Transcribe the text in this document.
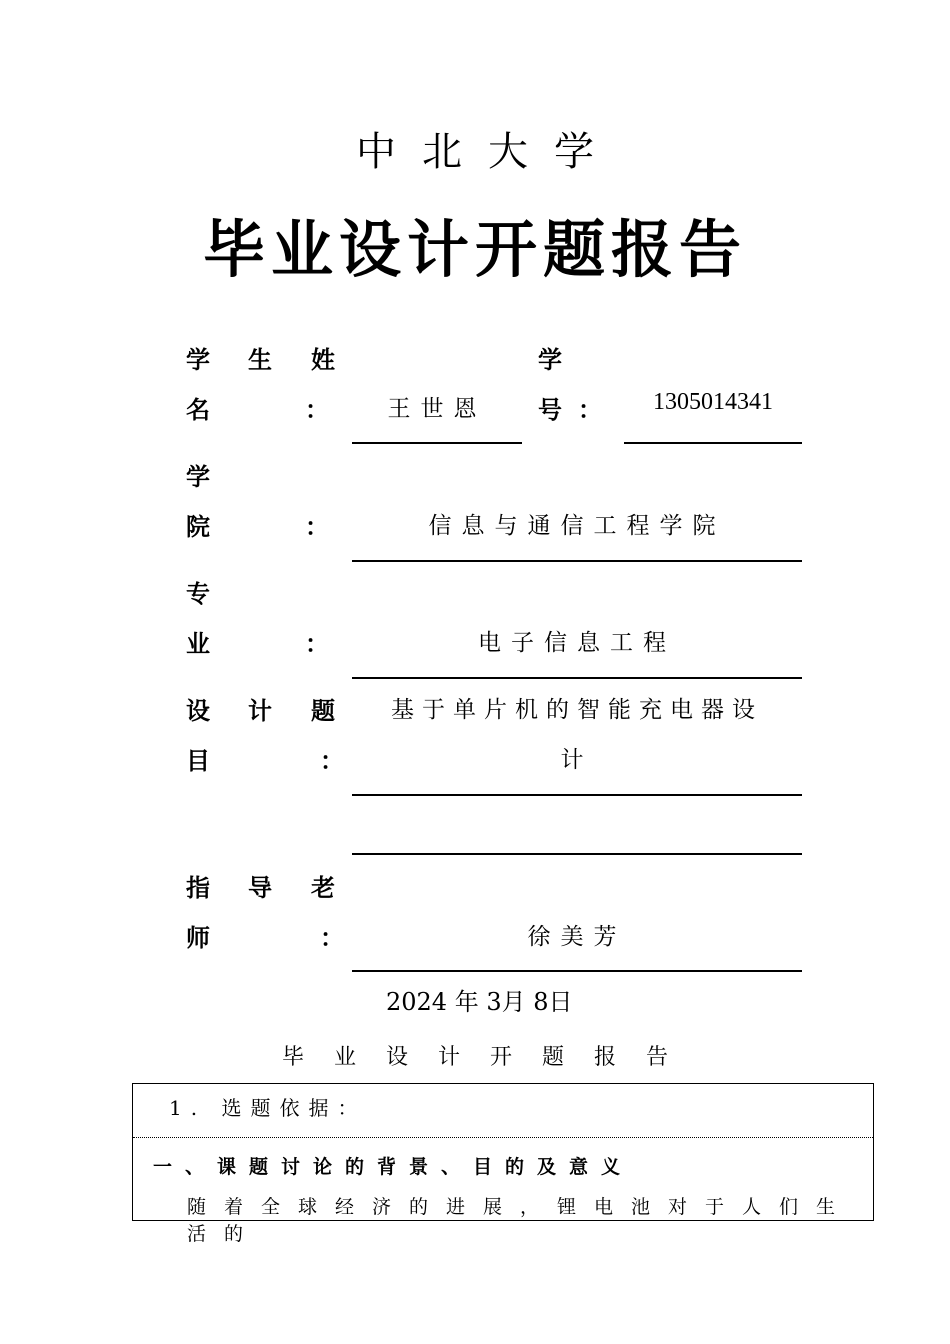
中北大学
毕业设计开题报告
学 生 姓
名	：	王世恩
学
号 ：	1305014341
学
院	：	信息与通信工程学院
专
业	：	电子信息工程
设 计 题
目	：
基于单片机的智能充电器设
计
指 导 老
师	：	徐美芳
2024 年 3月 8日
毕业设计开题报告
1. 选题依据：
一、课题讨论的背景、目的及意义
随着全球经济的进展，锂电池对于人们生活的
